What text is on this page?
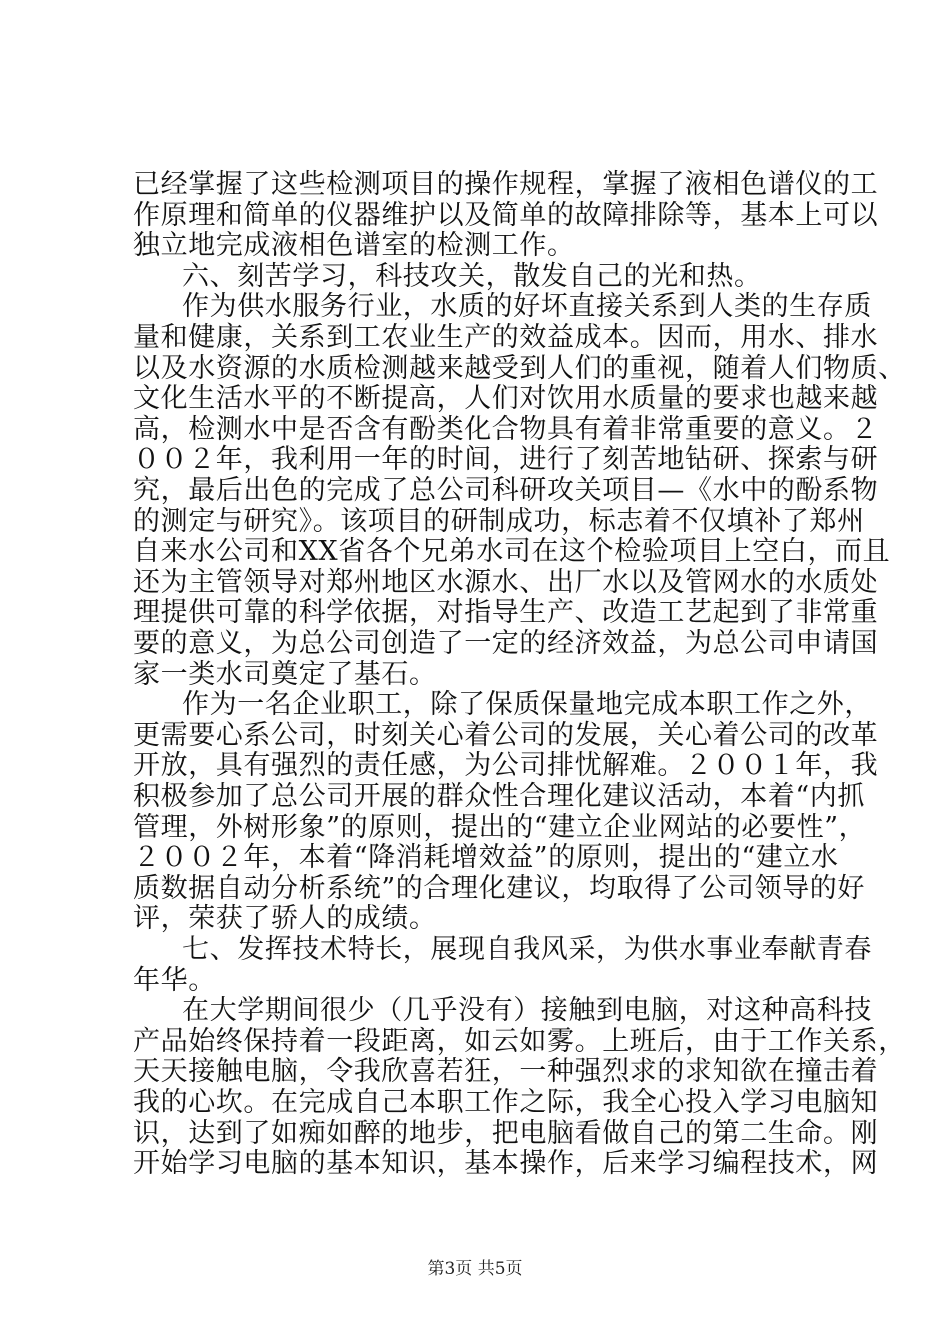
已经掌握了这些检测项目的操作规程，掌握了液相色谱仪的工
作原理和简单的仪器维护以及简单的故障排除等，基本上可以
独立地完成液相色谱室的检测工作。
六、刻苦学习，科技攻关，散发自己的光和热。
作为供水服务行业，水质的好坏直接关系到人类的生存质
量和健康，关系到工农业生产的效益成本。因而，用水、排水
以及水资源的水质检测越来越受到人们的重视，随着人们物质、
文化生活水平的不断提高，人们对饮用水质量的要求也越来越
高，检测水中是否含有酚类化合物具有着非常重要的意义。２
００２年，我利用一年的时间，进行了刻苦地钻研、探索与研
究，最后出色的完成了总公司科研攻关项目—《水中的酚系物
的测定与研究》。该项目的研制成功，标志着不仅填补了郑州
自来水公司和XX省各个兄弟水司在这个检验项目上空白，而且
还为主管领导对郑州地区水源水、出厂水以及管网水的水质处
理提供可靠的科学依据，对指导生产、改造工艺起到了非常重
要的意义，为总公司创造了一定的经济效益，为总公司申请国
家一类水司奠定了基石。
作为一名企业职工，除了保质保量地完成本职工作之外，
更需要心系公司，时刻关心着公司的发展，关心着公司的改革
开放，具有强烈的责任感，为公司排忧解难。２００１年，我
积极参加了总公司开展的群众性合理化建议活动，本着“内抓
管理，外树形象”的原则，提出的“建立企业网站的必要性”，
２００２年，本着“降消耗增效益”的原则，提出的“建立水
质数据自动分析系统”的合理化建议，均取得了公司领导的好
评，荣获了骄人的成绩。
七、发挥技术特长，展现自我风采，为供水事业奉献青春
年华。
在大学期间很少（几乎没有）接触到电脑，对这种高科技
产品始终保持着一段距离，如云如雾。上班后，由于工作关系，
天天接触电脑，令我欣喜若狂，一种强烈求的求知欲在撞击着
我的心坎。在完成自己本职工作之际，我全心投入学习电脑知
识，达到了如痴如醉的地步，把电脑看做自己的第二生命。刚
开始学习电脑的基本知识，基本操作，后来学习编程技术，网
第3页 共5页
